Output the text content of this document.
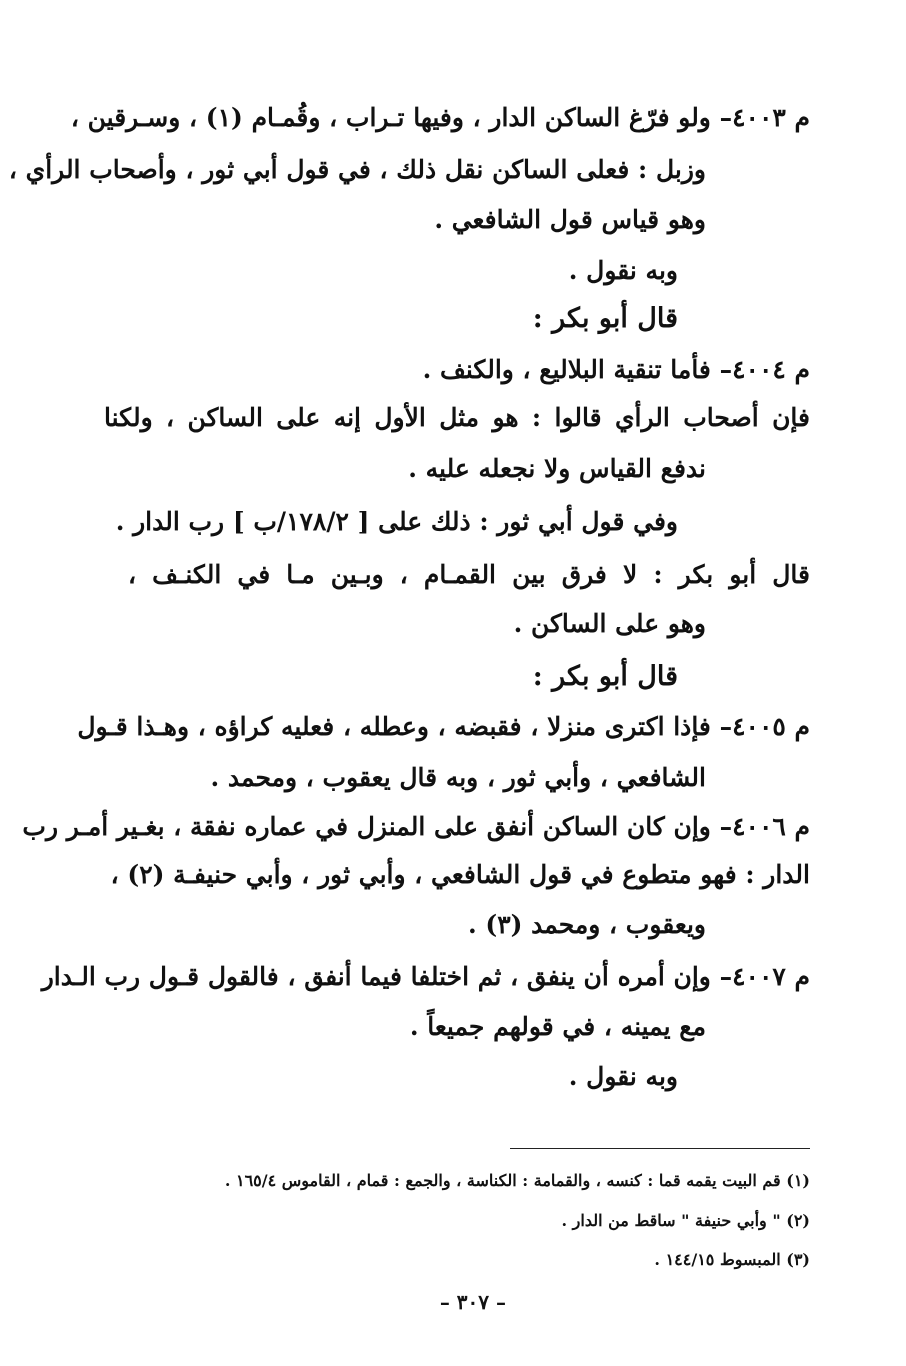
م ٤٠٠٣– ولو فرّغ الساكن الدار ، وفيها تـراب ، وقُمـام (١) ، وسـرقين ،
وزبل : فعلى الساكن نقل ذلك ، في قول أبي ثور ، وأصحاب الرأي ،
وهو قياس قول الشافعي .
وبه نقول .
قال أبو بكر :
م ٤٠٠٤– فأما تنقية البلاليع ، والكنف .
فإن أصحاب الرأي قالوا : هو مثل الأول إنه على الساكن ، ولكنا
ندفع القياس ولا نجعله عليه .
وفي قول أبي ثور : ذلك على [ ١٧٨/٢/ب ] رب الدار .
قال أبو بكر : لا فرق بين القمـام ، وبـين مـا في الكنـف ،
وهو على الساكن .
قال أبو بكر :
م ٤٠٠٥– فإذا اكترى منزلا ، فقبضه ، وعطله ، فعليه كراؤه ، وهـذا قـول
الشافعي ، وأبي ثور ، وبه قال يعقوب ، ومحمد .
م ٤٠٠٦– وإن كان الساكن أنفق على المنزل في عماره نفقة ، بغـير أمـر رب
الدار : فهو متطوع في قول الشافعي ، وأبي ثور ، وأبي حنيفـة (٢) ،
ويعقوب ، ومحمد (٣) .
م ٤٠٠٧– وإن أمره أن ينفق ، ثم اختلفا فيما أنفق ، فالقول قـول رب الـدار
مع يمينه ، في قولهم جميعاً .
وبه نقول .
(١) قم البيت يقمه قما : كنسه ، والقمامة : الكناسة ، والجمع : قمام ، القاموس ١٦٥/٤ .
(٢) " وأبي حنيفة " ساقط من الدار .
(٣) المبسوط ١٤٤/١٥ .
– ٣٠٧ –
